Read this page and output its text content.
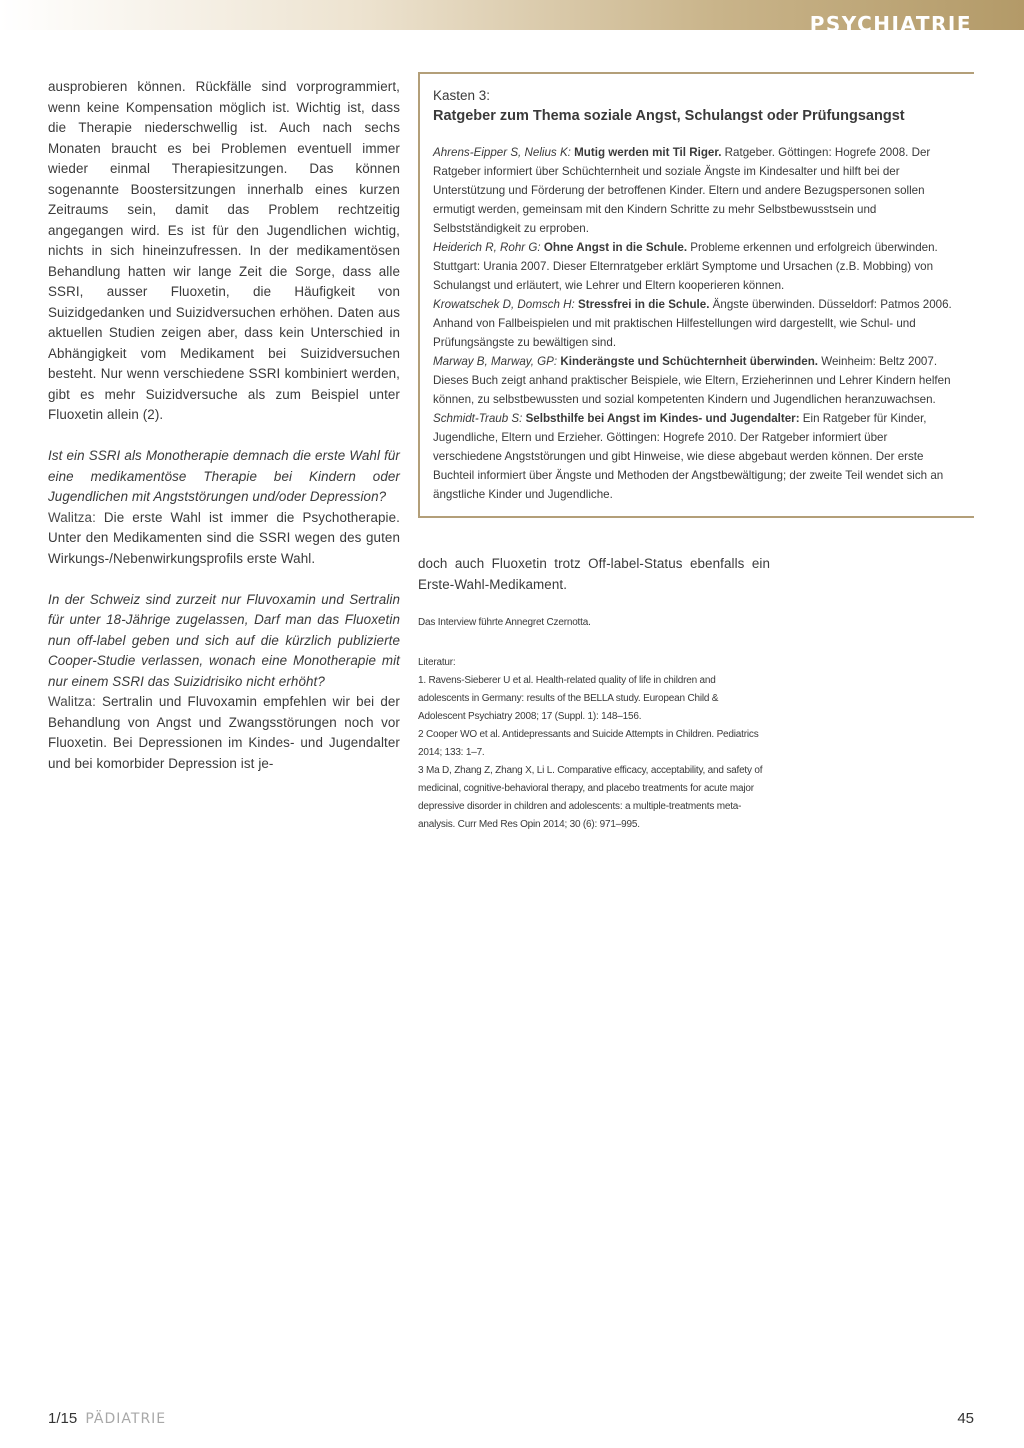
PSYCHIATRIE

ausprobieren können. Rückfälle sind vorprogrammiert, wenn keine Kompensation möglich ist. Wichtig ist, dass die Therapie niederschwellig ist. Auch nach sechs Monaten braucht es bei Problemen eventuell immer wieder einmal Therapiesitzungen. Das können sogenannte Boostersitzungen innerhalb eines kurzen Zeitraums sein, damit das Problem rechtzeitig angegangen wird. Es ist für den Jugendlichen wichtig, nichts in sich hineinzufressen. In der medikamentösen Behandlung hatten wir lange Zeit die Sorge, dass alle SSRI, ausser Fluoxetin, die Häufigkeit von Suizidgedanken und Suizidversuchen erhöhen. Daten aus aktuellen Studien zeigen aber, dass kein Unterschied in Abhängigkeit vom Medikament bei Suizidversuchen besteht. Nur wenn verschiedene SSRI kombiniert werden, gibt es mehr Suizidversuche als zum Beispiel unter Fluoxetin allein (2).

Ist ein SSRI als Monotherapie demnach die erste Wahl für eine medikamentöse Therapie bei Kindern oder Jugendlichen mit Angststörungen und/oder Depression?

Walitza: Die erste Wahl ist immer die Psychotherapie. Unter den Medikamenten sind die SSRI wegen des guten Wirkungs-/Nebenwirkungsprofils erste Wahl.

In der Schweiz sind zurzeit nur Fluvoxamin und Sertralin für unter 18-Jährige zugelassen, Darf man das Fluoxetin nun off-label geben und sich auf die kürzlich publizierte Cooper-Studie verlassen, wonach eine Monotherapie mit nur einem SSRI das Suizidrisiko nicht erhöht?

Walitza: Sertralin und Fluvoxamin empfehlen wir bei der Behandlung von Angst und Zwangsstörungen noch vor Fluoxetin. Bei Depressionen im Kindes- und Jugendalter und bei komorbider Depression ist je-

Kasten 3:
Ratgeber zum Thema soziale Angst, Schulangst oder Prüfungsangst

Ahrens-Eipper S, Nelius K: Mutig werden mit Til Riger. Ratgeber. Göttingen: Hogrefe 2008. Der Ratgeber informiert über Schüchternheit und soziale Ängste im Kindesalter und hilft bei der Unterstützung und Förderung der betroffenen Kinder. Eltern und andere Bezugspersonen sollen ermutigt werden, gemeinsam mit den Kindern Schritte zu mehr Selbstbewusstsein und Selbstständigkeit zu erproben.

Heiderich R, Rohr G: Ohne Angst in die Schule. Probleme erkennen und erfolgreich überwinden. Stuttgart: Urania 2007. Dieser Elternratgeber erklärt Symptome und Ursachen (z.B. Mobbing) von Schulangst und erläutert, wie Lehrer und Eltern kooperieren können.

Krowatschek D, Domsch H: Stressfrei in die Schule. Ängste überwinden. Düsseldorf: Patmos 2006. Anhand von Fallbeispielen und mit praktischen Hilfestellungen wird dargestellt, wie Schul- und Prüfungsängste zu bewältigen sind.

Marway B, Marway, GP: Kinderängste und Schüchternheit überwinden. Weinheim: Beltz 2007. Dieses Buch zeigt anhand praktischer Beispiele, wie Eltern, Erzieherinnen und Lehrer Kindern helfen können, zu selbstbewussten und sozial kompetenten Kindern und Jugendlichen heranzuwachsen.

Schmidt-Traub S: Selbsthilfe bei Angst im Kindes- und Jugendalter: Ein Ratgeber für Kinder, Jugendliche, Eltern und Erzieher. Göttingen: Hogrefe 2010. Der Ratgeber informiert über verschiedene Angststörungen und gibt Hinweise, wie diese abgebaut werden können. Der erste Buchteil informiert über Ängste und Methoden der Angstbewältigung; der zweite Teil wendet sich an ängstliche Kinder und Jugendliche.

doch auch Fluoxetin trotz Off-label-Status ebenfalls ein Erste-Wahl-Medikament.

Das Interview führte Annegret Czernotta.

Literatur:

1. Ravens-Sieberer U et al. Health-related quality of life in children and adolescents in Germany: results of the BELLA study. European Child & Adolescent Psychiatry 2008; 17 (Suppl. 1): 148–156.

2 Cooper WO et al. Antidepressants and Suicide Attempts in Children. Pediatrics 2014; 133: 1–7.

3 Ma D, Zhang Z, Zhang X, Li L. Comparative efficacy, acceptability, and safety of medicinal, cognitive-behavioral therapy, and placebo treatments for acute major depressive disorder in children and adolescents: a multiple-treatments meta-analysis. Curr Med Res Opin 2014; 30 (6): 971–995.

1/15 PÄDIATRIE	45
